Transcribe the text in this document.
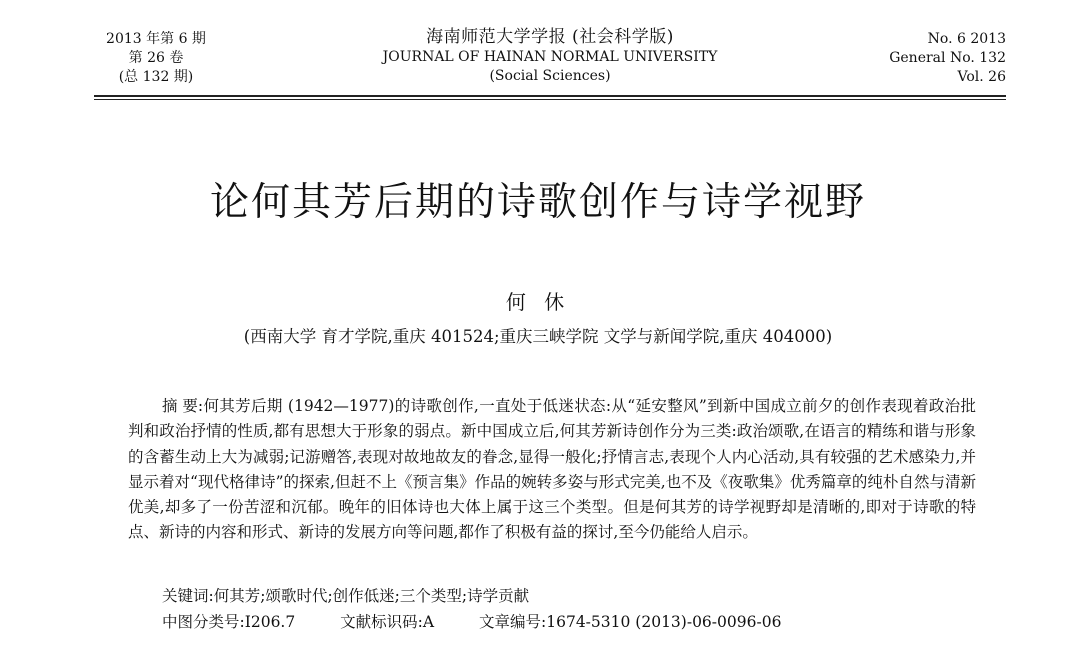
2013 年第 6 期
第 26 卷
(总 132 期)
海南师范大学学报 (社会科学版)
JOURNAL OF HAINAN NORMAL UNIVERSITY
(Social Sciences)
No. 6 2013
General No. 132
Vol. 26
论何其芳后期的诗歌创作与诗学视野
何 休
(西南大学 育才学院,重庆 401524;重庆三峡学院 文学与新闻学院,重庆 404000)
摘 要:何其芳后期 (1942—1977)的诗歌创作,一直处于低迷状态:从“延安整风”到新中国成立前夕的创作表现着政治批判和政治抒情的性质,都有思想大于形象的弱点。新中国成立后,何其芳新诗创作分为三类:政治颂歌,在语言的精练和谐与形象的含蓄生动上大为减弱;记游赠答,表现对故地故友的眷念,显得一般化;抒情言志,表现个人内心活动,具有较强的艺术感染力,并显示着对“现代格律诗”的探索,但赶不上《预言集》作品的婉转多姿与形式完美,也不及《夜歌集》优秀篇章的纯朴自然与清新优美,却多了一份苦涩和沉郁。晚年的旧体诗也大体上属于这三个类型。但是何其芳的诗学视野却是清晰的,即对于诗歌的特点、新诗的内容和形式、新诗的发展方向等问题,都作了积极有益的探讨,至今仍能给人启示。
关键词:何其芳;颂歌时代;创作低迷;三个类型;诗学贡献
中图分类号:I206.7	文献标识码:A	文章编号:1674-5310 (2013)-06-0096-06
